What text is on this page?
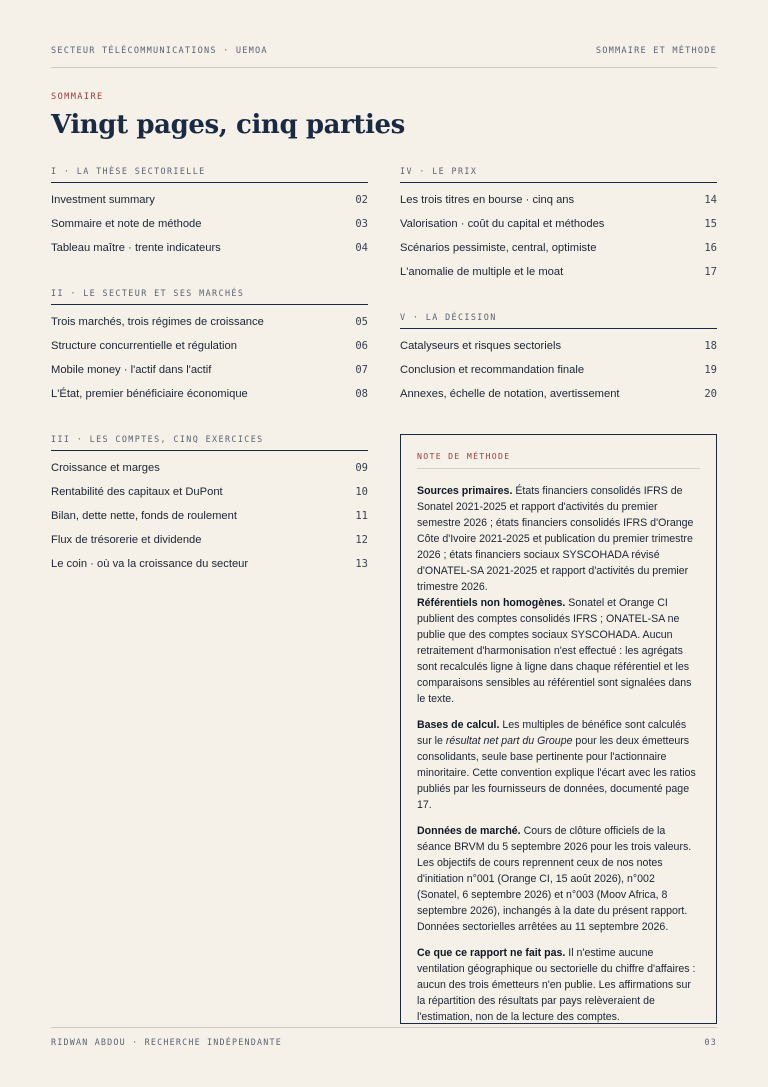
SECTEUR TÉLÉCOMMUNICATIONS · UEMOA	SOMMAIRE ET MÉTHODE
SOMMAIRE
Vingt pages, cinq parties
I · LA THÈSE SECTORIELLE
Investment summary	02
Sommaire et note de méthode	03
Tableau maître · trente indicateurs	04
II · LE SECTEUR ET SES MARCHÉS
Trois marchés, trois régimes de croissance	05
Structure concurrentielle et régulation	06
Mobile money · l'actif dans l'actif	07
L'État, premier bénéficiaire économique	08
III · LES COMPTES, CINQ EXERCICES
Croissance et marges	09
Rentabilité des capitaux et DuPont	10
Bilan, dette nette, fonds de roulement	11
Flux de trésorerie et dividende	12
Le coin · où va la croissance du secteur	13
IV · LE PRIX
Les trois titres en bourse · cinq ans	14
Valorisation · coût du capital et méthodes	15
Scénarios pessimiste, central, optimiste	16
L'anomalie de multiple et le moat	17
V · LA DÉCISION
Catalyseurs et risques sectoriels	18
Conclusion et recommandation finale	19
Annexes, échelle de notation, avertissement	20
NOTE DE MÉTHODE

Sources primaires. États financiers consolidés IFRS de Sonatel 2021-2025 et rapport d'activités du premier semestre 2026 ; états financiers consolidés IFRS d'Orange Côte d'Ivoire 2021-2025 et publication du premier trimestre 2026 ; états financiers sociaux SYSCOHADA révisé d'ONATEL-SA 2021-2025 et rapport d'activités du premier trimestre 2026.

Référentiels non homogènes. Sonatel et Orange CI publient des comptes consolidés IFRS ; ONATEL-SA ne publie que des comptes sociaux SYSCOHADA. Aucun retraitement d'harmonisation n'est effectué : les agrégats sont recalculés ligne à ligne dans chaque référentiel et les comparaisons sensibles au référentiel sont signalées dans le texte.

Bases de calcul. Les multiples de bénéfice sont calculés sur le résultat net part du Groupe pour les deux émetteurs consolidants, seule base pertinente pour l'actionnaire minoritaire. Cette convention explique l'écart avec les ratios publiés par les fournisseurs de données, documenté page 17.

Données de marché. Cours de clôture officiels de la séance BRVM du 5 septembre 2026 pour les trois valeurs. Les objectifs de cours reprennent ceux de nos notes d'initiation n°001 (Orange CI, 15 août 2026), n°002 (Sonatel, 6 septembre 2026) et n°003 (Moov Africa, 8 septembre 2026), inchangés à la date du présent rapport. Données sectorielles arrêtées au 11 septembre 2026.

Ce que ce rapport ne fait pas. Il n'estime aucune ventilation géographique ou sectorielle du chiffre d'affaires : aucun des trois émetteurs n'en publie. Les affirmations sur la répartition des résultats par pays relèveraient de l'estimation, non de la lecture des comptes.

RIDWAN ABDOU · RECHERCHE INDÉPENDANTE	03
